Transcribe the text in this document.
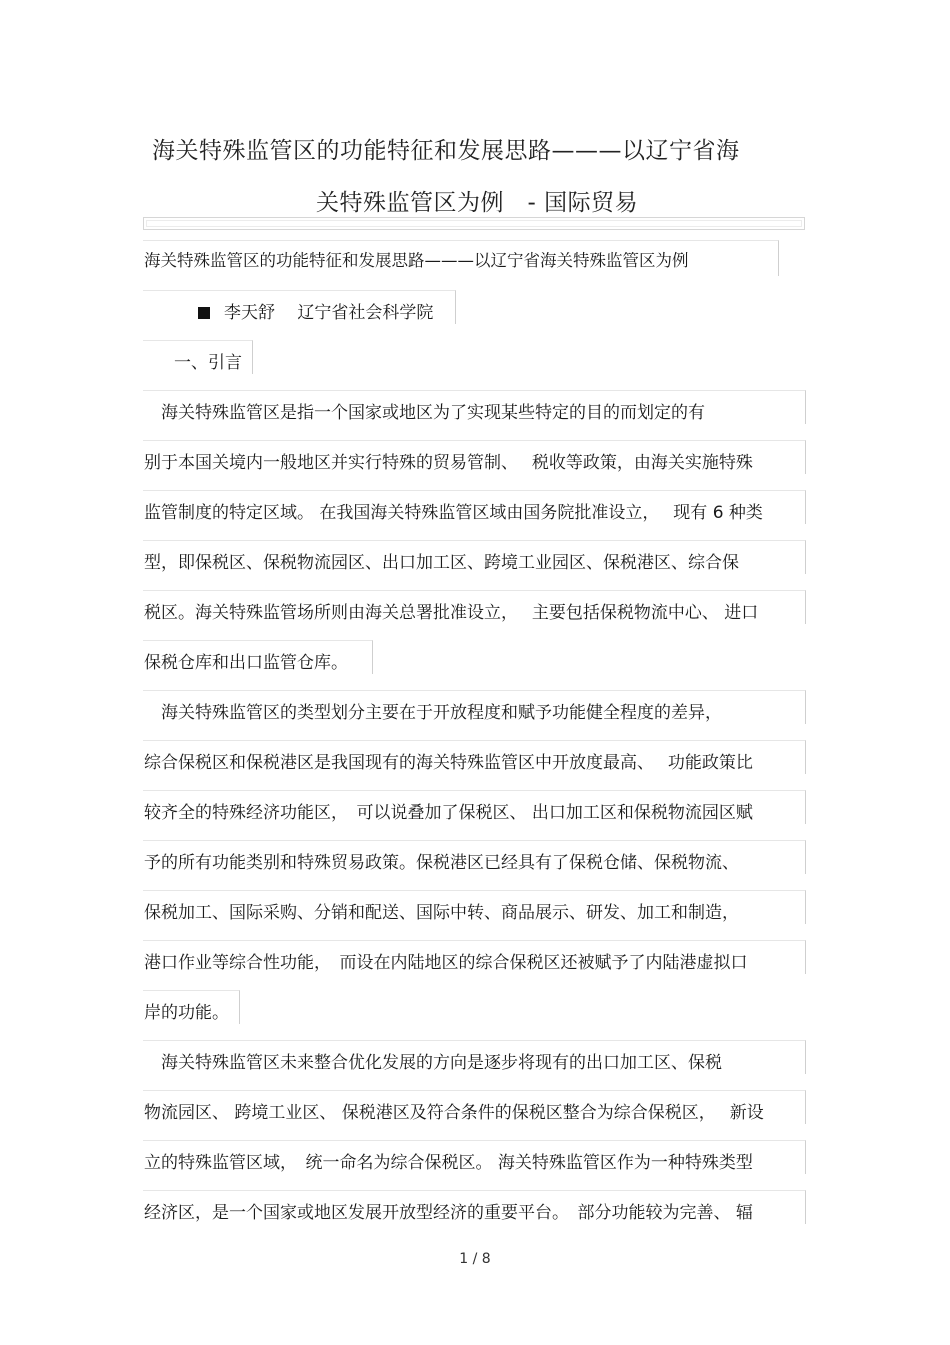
海关特殊监管区的功能特征和发展思路———以辽宁省海
关特殊监管区为例　- 国际贸易
海关特殊监管区的功能特征和发展思路———以辽宁省海关特殊监管区为例
李天舒　 辽宁省社会科学院
一、引言
　海关特殊监管区是指一个国家或地区为了实现某些特定的目的而划定的有
别于本国关境内一般地区并实行特殊的贸易管制、　 税收等政策，由海关实施特殊
监管制度的特定区域。 在我国海关特殊监管区域由国务院批准设立，　 现有 6 种类
型，即保税区、保税物流园区、出口加工区、跨境工业园区、保税港区、综合保
税区。海关特殊监管场所则由海关总署批准设立，　 主要包括保税物流中心、 进口
保税仓库和出口监管仓库。
　海关特殊监管区的类型划分主要在于开放程度和赋予功能健全程度的差异，
综合保税区和保税港区是我国现有的海关特殊监管区中开放度最高、　 功能政策比
较齐全的特殊经济功能区，　可以说叠加了保税区、 出口加工区和保税物流园区赋
予的所有功能类别和特殊贸易政策。保税港区已经具有了保税仓储、保税物流、
保税加工、国际采购、分销和配送、国际中转、商品展示、研发、加工和制造，
港口作业等综合性功能，　而设在内陆地区的综合保税区还被赋予了内陆港虚拟口
岸的功能。
　海关特殊监管区未来整合优化发展的方向是逐步将现有的出口加工区、保税
物流园区、 跨境工业区、 保税港区及符合条件的保税区整合为综合保税区，　 新设
立的特殊监管区域，　统一命名为综合保税区。 海关特殊监管区作为一种特殊类型
经济区，是一个国家或地区发展开放型经济的重要平台。　部分功能较为完善、 辐
1 / 8
